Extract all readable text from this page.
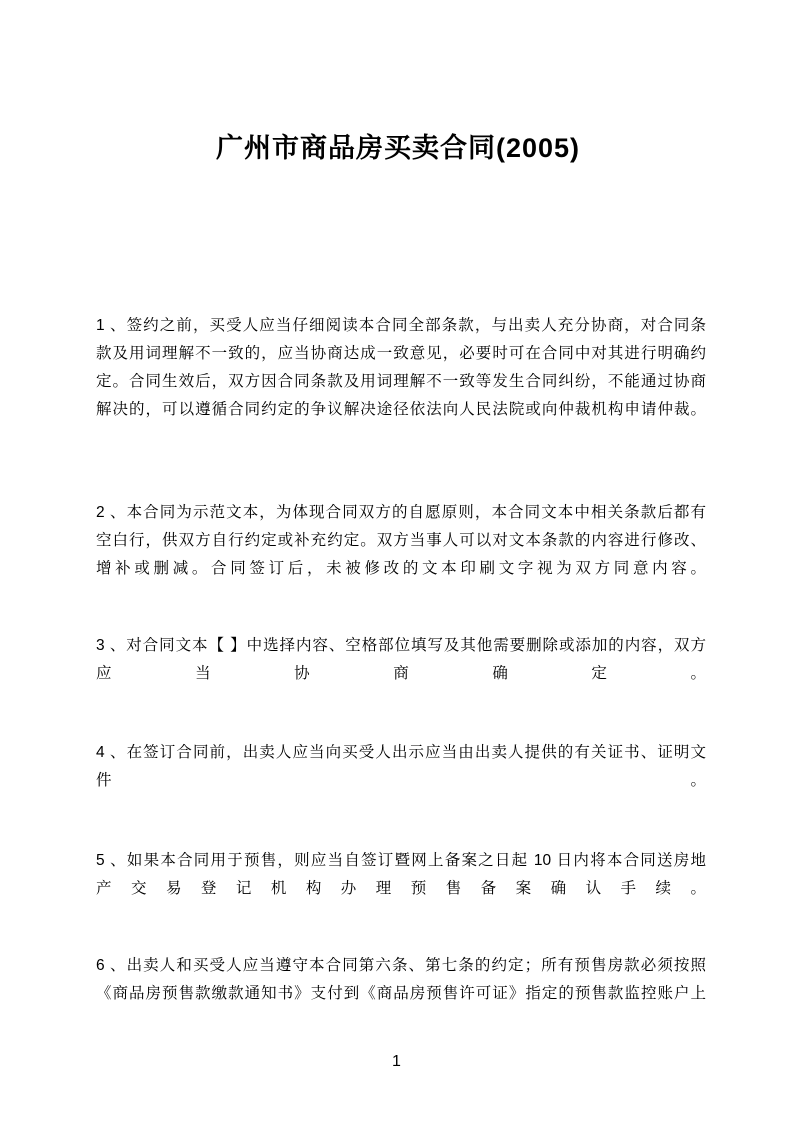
广州市商品房买卖合同(2005)
1 、签约之前，买受人应当仔细阅读本合同全部条款，与出卖人充分协商，对合同条
款及用词理解不一致的，应当协商达成一致意见，必要时可在合同中对其进行明确约
定。合同生效后，双方因合同条款及用词理解不一致等发生合同纠纷，不能通过协商
解决的，可以遵循合同约定的争议解决途径依法向人民法院或向仲裁机构申请仲裁。
2 、本合同为示范文本，为体现合同双方的自愿原则，本合同文本中相关条款后都有
空白行，供双方自行约定或补充约定。双方当事人可以对文本条款的内容进行修改、
增补或删减。合同签订后，未被修改的文本印刷文字视为双方同意内容。
3 、对合同文本【 】中选择内容、空格部位填写及其他需要删除或添加的内容，双方
应当协商确定。
4 、在签订合同前，出卖人应当向买受人出示应当由出卖人提供的有关证书、证明文
件。
5 、如果本合同用于预售，则应当自签订暨网上备案之日起 10 日内将本合同送房地
产交易登记机构办理预售备案确认手续。
6 、出卖人和买受人应当遵守本合同第六条、第七条的约定；所有预售房款必须按照
《商品房预售款缴款通知书》支付到《商品房预售许可证》指定的预售款监控账户上
1
